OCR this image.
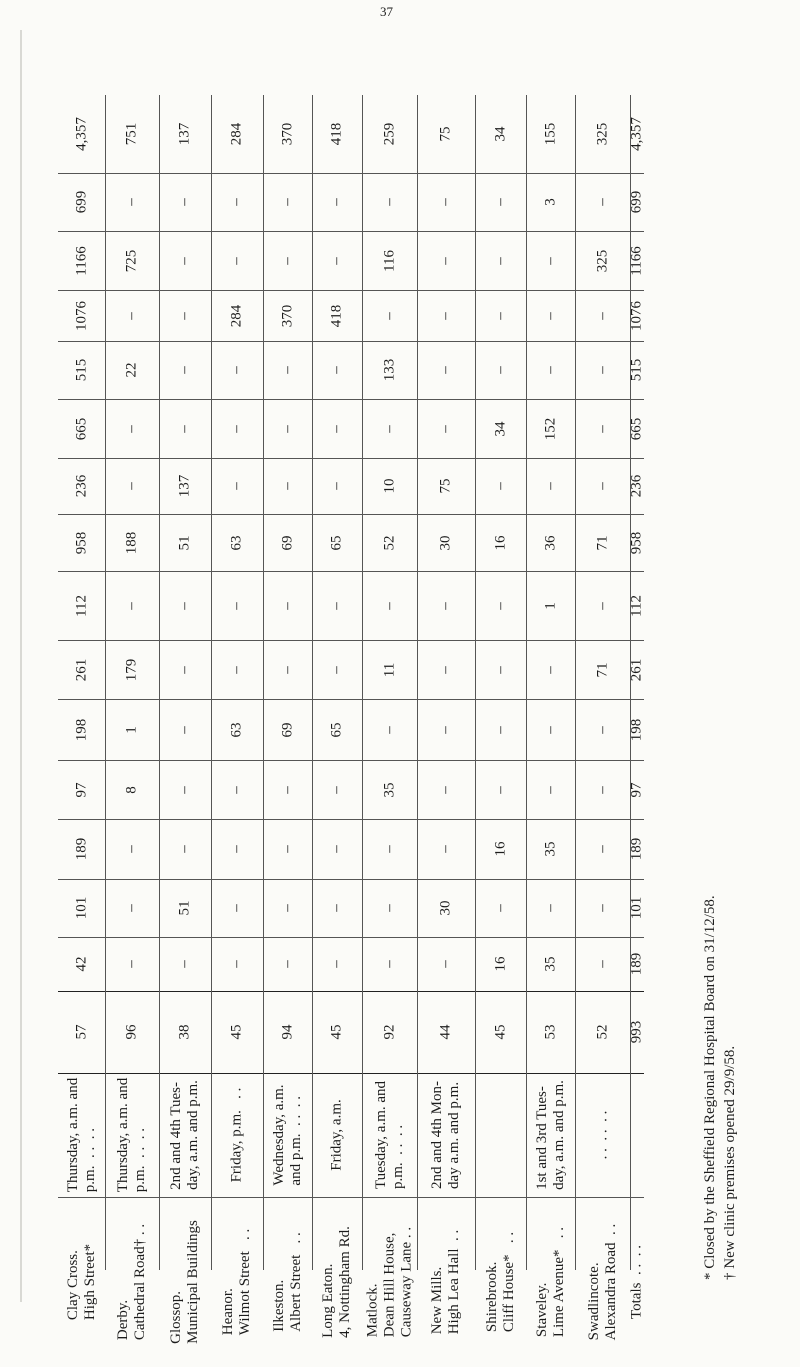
37
57
42
101
189
97
198
261
112
958
236
665
515
1076
1166
699
4,357
Thursday, a.m. and
p.m.  . .  . .
Clay Cross.
High Street*
96
–
–
–
8
1
179
–
188
–
–
22
–
725
–
751
Thursday, a.m. and
p.m.  . .  . .
Derby.
Cathedral Road† . .
38
–
51
–
–
–
–
–
51
137
–
–
–
–
–
137
2nd and 4th Tues-
day, a.m. and p.m.
Glossop.
Municipal Buildings
45
–
–
–
–
63
–
–
63
–
–
–
284
–
–
284
Friday, p.m.   . .
Heanor.
Wilmot Street   . .
94
–
–
–
–
69
–
–
69
–
–
–
370
–
–
370
Wednesday, a.m.
and p.m.  . .  . .
Ilkeston.
Albert Street   . .
45
–
–
–
–
65
–
–
65
–
–
–
418
–
–
418
Friday, a.m.
Long Eaton.
4, Nottingham Rd.
92
–
–
–
35
–
11
–
52
10
–
133
–
116
–
259
Tuesday, a.m. and
p.m.  . .  . .
Matlock.
Dean Hill House,
Causeway Lane . .
44
–
30
–
–
–
–
–
30
75
–
–
–
–
–
75
2nd and 4th Mon-
day a.m. and p.m.
New Mills.
High Lea Hall  . .
45
16
–
16
–
–
–
–
16
–
34
–
–
–
–
34
Shirebrook.
Cliff House*   . .
53
35
–
35
–
–
–
1
36
–
152
–
–
–
3
155
1st and 3rd Tues-
day, a.m. and p.m.
Staveley.
Lime Avenue*   . .
52
–
–
–
–
–
71
–
71
–
–
–
–
325
–
325
. .  . .  . .
Swadlincote.
Alexandra Road  . .
993
189
101
189
97
198
261
112
958
236
665
515
1076
1166
699
4,357
Totals  . .  . .
* Closed by the Sheffield Regional Hospital Board on 31/12/58. † New clinic premises opened 29/9/58.
